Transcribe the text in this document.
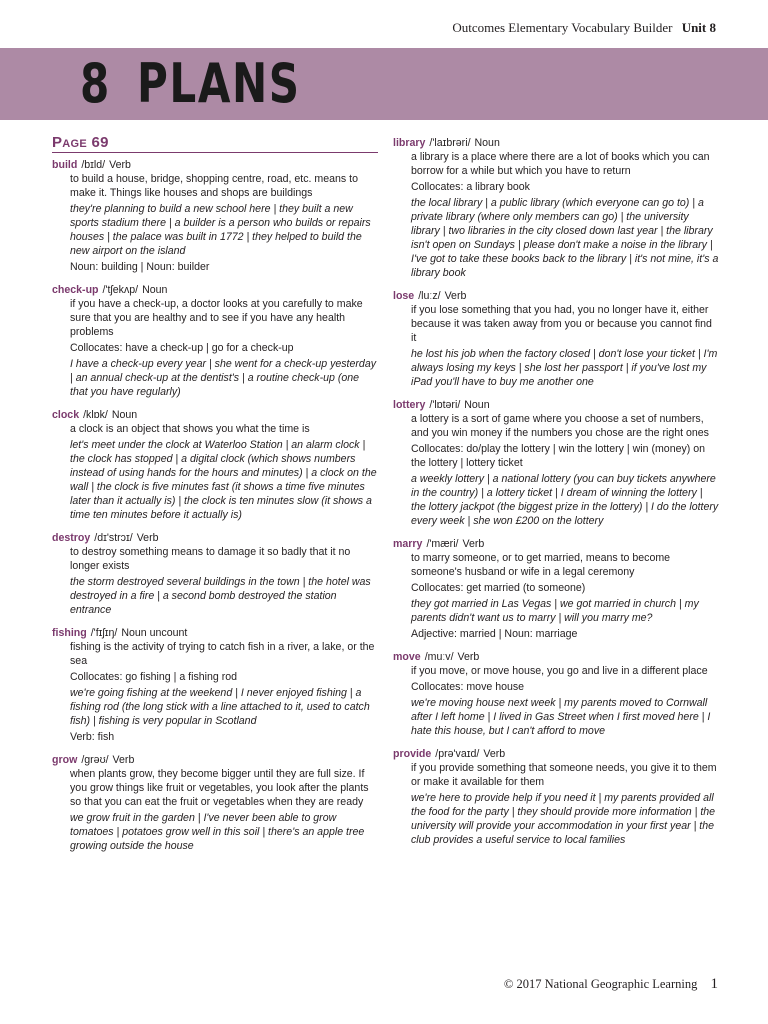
Outcomes Elementary Vocabulary Builder Unit 8
8 PLANS
Page 69
build /bɪld/ Verb
to build a house, bridge, shopping centre, road, etc. means to make it. Things like houses and shops are buildings
they're planning to build a new school here | they built a new sports stadium there | a builder is a person who builds or repairs houses | the palace was built in 1772 | they helped to build the new airport on the island
Noun: building | Noun: builder
check-up /'tʃekʌp/ Noun
if you have a check-up, a doctor looks at you carefully to make sure that you are healthy and to see if you have any health problems
Collocates: have a check-up | go for a check-up
I have a check-up every year | she went for a check-up yesterday | an annual check-up at the dentist's | a routine check-up (one that you have regularly)
clock /klɒk/ Noun
a clock is an object that shows you what the time is
let's meet under the clock at Waterloo Station | an alarm clock | the clock has stopped | a digital clock (which shows numbers instead of using hands for the hours and minutes) | a clock on the wall | the clock is five minutes fast (it shows a time five minutes later than it actually is) | the clock is ten minutes slow (it shows a time ten minutes before it actually is)
destroy /dɪ'strɔɪ/ Verb
to destroy something means to damage it so badly that it no longer exists
the storm destroyed several buildings in the town | the hotel was destroyed in a fire | a second bomb destroyed the station entrance
fishing /'fɪʃɪŋ/ Noun uncount
fishing is the activity of trying to catch fish in a river, a lake, or the sea
Collocates: go fishing | a fishing rod
we're going fishing at the weekend | I never enjoyed fishing | a fishing rod (the long stick with a line attached to it, used to catch fish) | fishing is very popular in Scotland
Verb: fish
grow /grəʊ/ Verb
when plants grow, they become bigger until they are full size. If you grow things like fruit or vegetables, you look after the plants so that you can eat the fruit or vegetables when they are ready
we grow fruit in the garden | I've never been able to grow tomatoes | potatoes grow well in this soil | there's an apple tree growing outside the house
library /'laɪbrəri/ Noun
a library is a place where there are a lot of books which you can borrow for a while but which you have to return
Collocates: a library book
the local library | a public library (which everyone can go to) | a private library (where only members can go) | the university library | two libraries in the city closed down last year | the library isn't open on Sundays | please don't make a noise in the library | I've got to take these books back to the library | it's not mine, it's a library book
lose /luːz/ Verb
if you lose something that you had, you no longer have it, either because it was taken away from you or because you cannot find it
he lost his job when the factory closed | don't lose your ticket | I'm always losing my keys | she lost her passport | if you've lost my iPad you'll have to buy me another one
lottery /'lɒtəri/ Noun
a lottery is a sort of game where you choose a set of numbers, and you win money if the numbers you chose are the right ones
Collocates: do/play the lottery | win the lottery | win (money) on the lottery | lottery ticket
a weekly lottery | a national lottery (you can buy tickets anywhere in the country) | a lottery ticket | I dream of winning the lottery | the lottery jackpot (the biggest prize in the lottery) | I do the lottery every week | she won £200 on the lottery
marry /'mæri/ Verb
to marry someone, or to get married, means to become someone's husband or wife in a legal ceremony
Collocates: get married (to someone)
they got married in Las Vegas | we got married in church | my parents didn't want us to marry | will you marry me?
Adjective: married | Noun: marriage
move /muːv/ Verb
if you move, or move house, you go and live in a different place
Collocates: move house
we're moving house next week | my parents moved to Cornwall after I left home | I lived in Gas Street when I first moved here | I hate this house, but I can't afford to move
provide /prə'vaɪd/ Verb
if you provide something that someone needs, you give it to them or make it available for them
we're here to provide help if you need it | my parents provided all the food for the party | they should provide more information | the university will provide your accommodation in your first year | the club provides a useful service to local families
© 2017 National Geographic Learning 1
